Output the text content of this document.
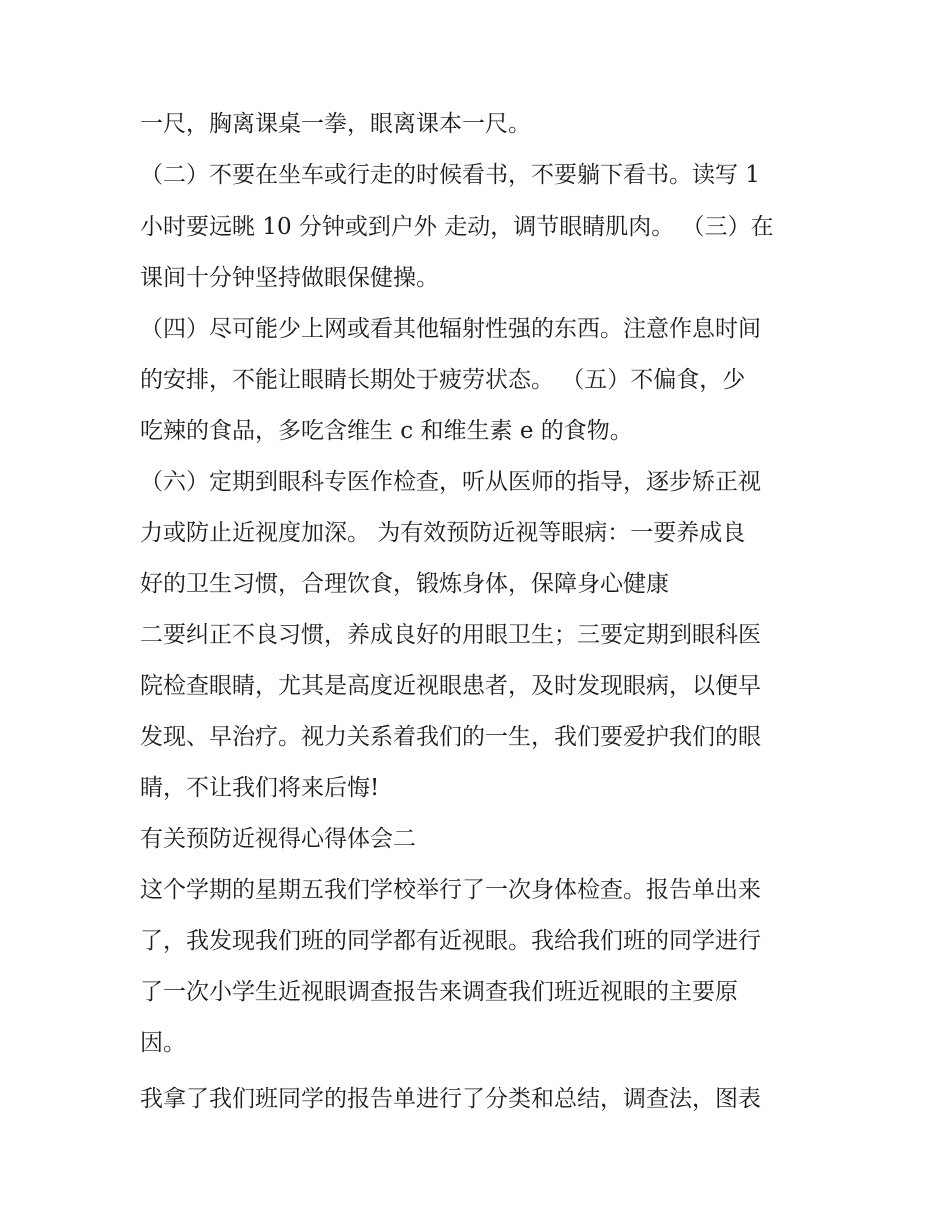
一尺，胸离课桌一拳，眼离课本一尺。
（二）不要在坐车或行走的时候看书，不要躺下看书。读写 1
小时要远眺 10 分钟或到户外 走动，调节眼睛肌肉。 （三）在
课间十分钟坚持做眼保健操。
（四）尽可能少上网或看其他辐射性强的东西。注意作息时间
的安排，不能让眼睛长期处于疲劳状态。 （五）不偏食，少
吃辣的食品，多吃含维生 c 和维生素 e 的食物。
（六）定期到眼科专医作检查，听从医师的指导，逐步矫正视
力或防止近视度加深。 为有效预防近视等眼病：一要养成良
好的卫生习惯，合理饮食，锻炼身体，保障身心健康
二要纠正不良习惯，养成良好的用眼卫生；三要定期到眼科医
院检查眼睛，尤其是高度近视眼患者，及时发现眼病，以便早
发现、早治疗。视力关系着我们的一生，我们要爱护我们的眼
睛，不让我们将来后悔!
有关预防近视得心得体会二
这个学期的星期五我们学校举行了一次身体检查。报告单出来
了，我发现我们班的同学都有近视眼。我给我们班的同学进行
了一次小学生近视眼调查报告来调查我们班近视眼的主要原
因。
我拿了我们班同学的报告单进行了分类和总结，调查法，图表
